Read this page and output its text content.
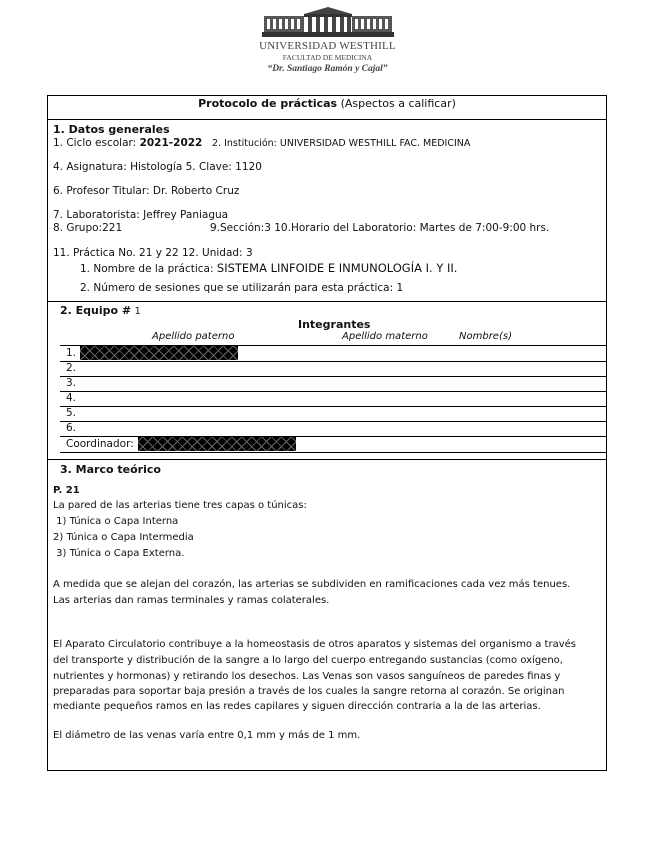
UNIVERSIDAD WESTHILL
FACULTAD DE MEDICINA
“Dr. Santiago Ramón y Cajal”
Protocolo de prácticas (Aspectos a calificar)
1. Datos generales
1. Ciclo escolar: 2021-2022 2. Institución: UNIVERSIDAD WESTHILL FAC. MEDICINA
4. Asignatura: Histología 5. Clave: 1120
6. Profesor Titular: Dr. Roberto Cruz
7. Laboratorista: Jeffrey Paniagua
8. Grupo:221	9.Sección:3 10.Horario del Laboratorio: Martes de 7:00-9:00 hrs.
11. Práctica No. 21 y 22 12. Unidad: 3
1. Nombre de la práctica: SISTEMA LINFOIDE E INMUNOLOGÍA I. Y II.
2. Número de sesiones que se utilizarán para esta práctica: 1
2. Equipo # 1
Integrantes
Apellido paterno	Apellido materno	Nombre(s)
1.
2.
3.
4.
5.
6.
Coordinador:
3. Marco teórico
P. 21
La pared de las arterias tiene tres capas o túnicas:
1) Túnica o Capa Interna
2) Túnica o Capa Intermedia
3) Túnica o Capa Externa.
A medida que se alejan del corazón, las arterias se subdividen en ramificaciones cada vez más tenues.
Las arterias dan ramas terminales y ramas colaterales.
El Aparato Circulatorio contribuye a la homeostasis de otros aparatos y sistemas del organismo a través
del transporte y distribución de la sangre a lo largo del cuerpo entregando sustancias (como oxígeno,
nutrientes y hormonas) y retirando los desechos. Las Venas son vasos sanguíneos de paredes finas y
preparadas para soportar baja presión a través de los cuales la sangre retorna al corazón. Se originan
mediante pequeños ramos en las redes capilares y siguen dirección contraria a la de las arterias.
El diámetro de las venas varía entre 0,1 mm y más de 1 mm.
